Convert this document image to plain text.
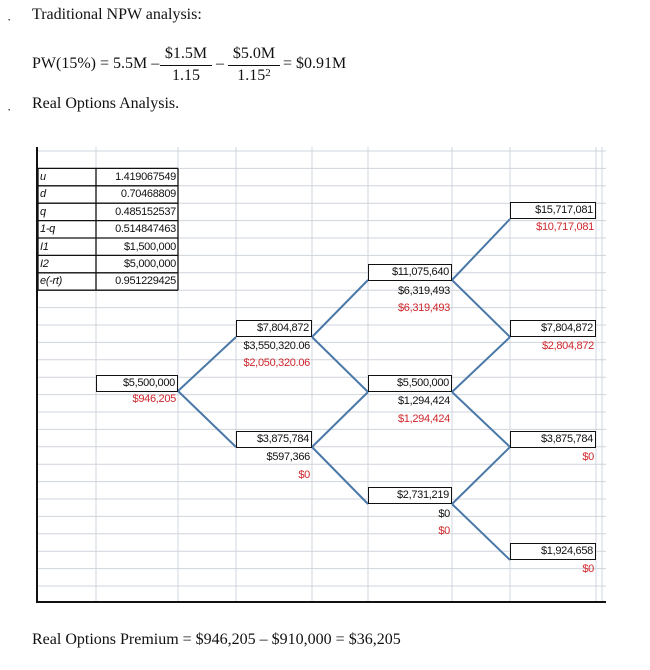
· Traditional NPW analysis:
PW(15%) = 5.5M –
$1.5M
1.15
–
$5.0M
$1.15^2$
= $0.91M
· Real Options Analysis.
u	1.419067549
d	0.70468809
q	0.485152537
1-q	0.514847463
I1	$1,500,000
I2	$5,000,000
e(-rt)	0.951229425
$5,500,000
$946,205
$7,804,872
$3,550,320.06
$2,050,320.06
$3,875,784
$597,366
$0
$11,075,640
$6,319,493
$6,319,493
$5,500,000
$1,294,424
$1,294,424
$2,731,219
$0
$0
$15,717,081
$10,717,081
$7,804,872
$2,804,872
$3,875,784
$0
$1,924,658
$0
Real Options Premium = $946,205 – $910,000 = $36,205
